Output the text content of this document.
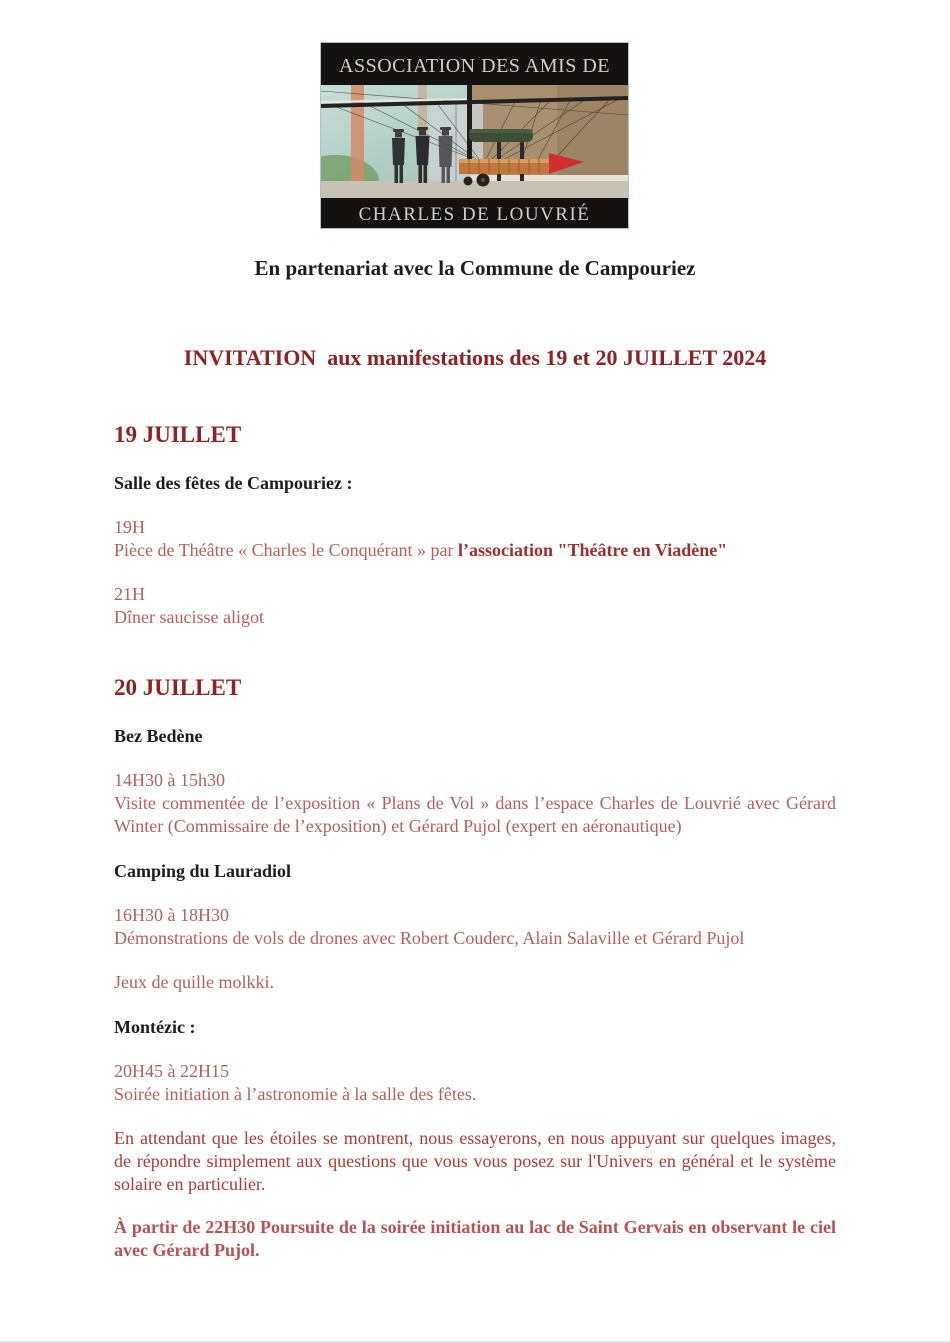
ASSOCIATION DES AMIS DE
CHARLES DE LOUVRIÉ

En partenariat avec la Commune de Campouriez

INVITATION  aux manifestations des 19 et 20 JUILLET 2024

19 JUILLET

Salle des fêtes de Campouriez :

19H
Pièce de Théâtre « Charles le Conquérant » par l’association "Théâtre en Viadène"

21H
Dîner saucisse aligot

20 JUILLET

Bez Bedène

14H30 à 15h30
Visite commentée de l’exposition « Plans de Vol » dans l’espace Charles de Louvrié avec Gérard Winter (Commissaire de l’exposition) et Gérard Pujol (expert en aéronautique)

Camping du Lauradiol

16H30 à 18H30
Démonstrations de vols de drones avec Robert Couderc, Alain Salaville et Gérard Pujol

Jeux de quille molkki.

Montézic :

20H45 à 22H15
Soirée initiation à l’astronomie à la salle des fêtes.

En attendant que les étoiles se montrent, nous essayerons, en nous appuyant sur quelques images, de répondre simplement aux questions que vous vous posez sur l'Univers en général et le système solaire en particulier.

À partir de 22H30 Poursuite de la soirée initiation au lac de Saint Gervais en observant le ciel avec Gérard Pujol.
